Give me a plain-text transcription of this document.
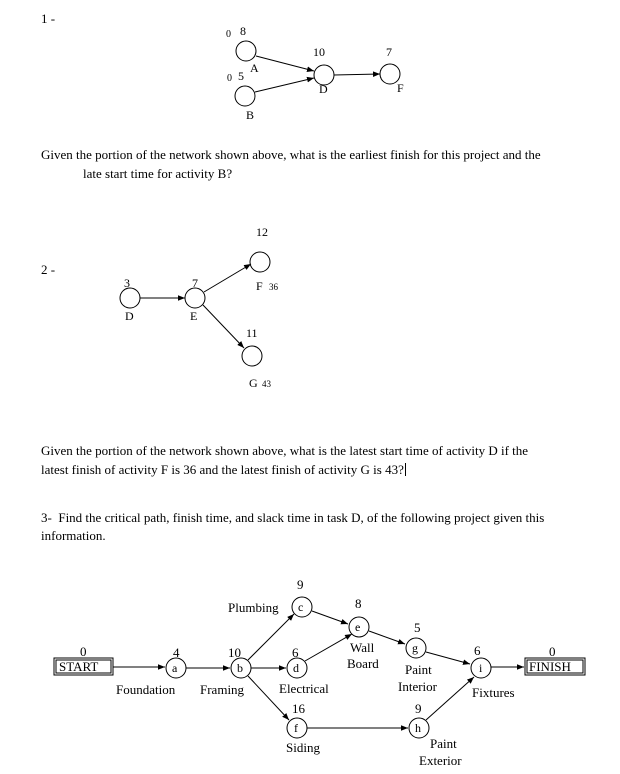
1 -
0 8
A
0 5
B
10
D
7
F
3
D
7
E
12
F 36
11
G 43
START
0
FINISH
0
a	b
c
d
e
f
g
h
i
4	10
9
6
8
16
5
9
6
Foundation Framing
Plumbing
Electrical
Wall
Board
Siding
Paint
Interior
Paint
Exterior
Fixtures
Given the portion of the network shown above, what is the earliest finish for this project and the
late start time for activity B?
2 -
Given the portion of the network shown above, what is the latest start time of activity D if the
latest finish of activity F is 36 and the latest finish of activity G is 43?
3- Find the critical path, finish time, and slack time in task D, of the following project given this
information.
